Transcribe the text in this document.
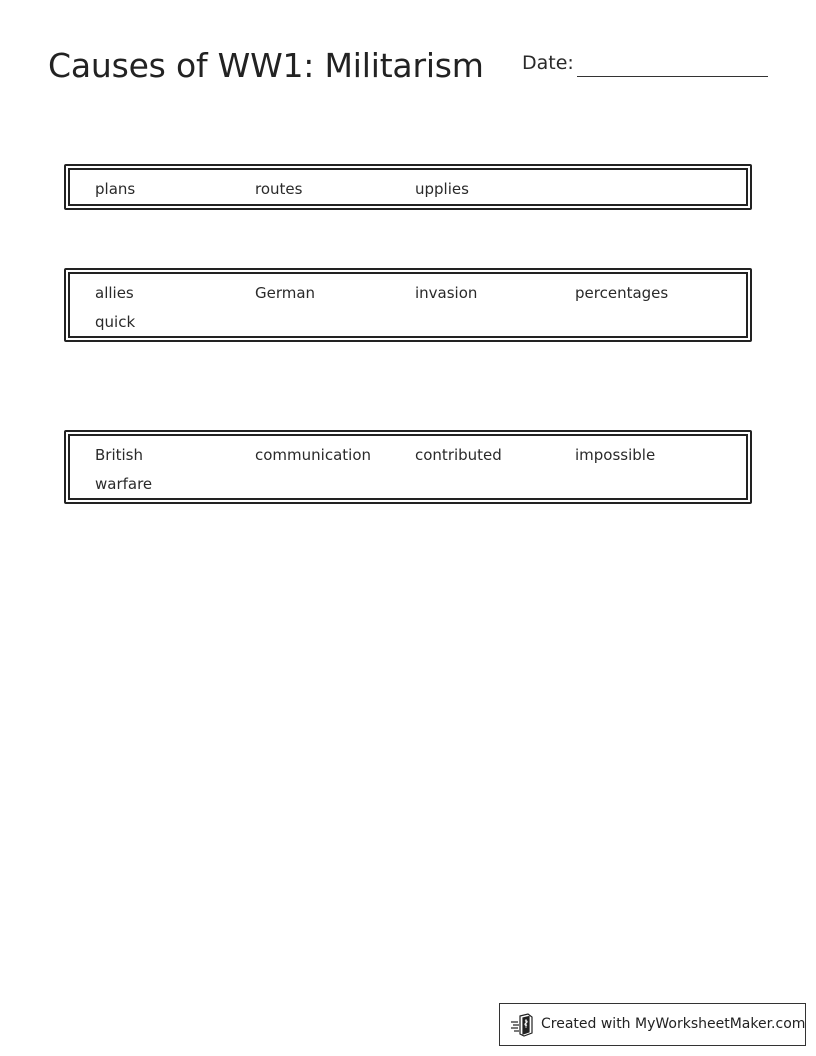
Causes of WW1: Militarism Date:
plans	routes	upplies
allies	German	invasion	percentages
quick
British	communication	contributed	impossible
warfare
Created with MyWorksheetMaker.com
